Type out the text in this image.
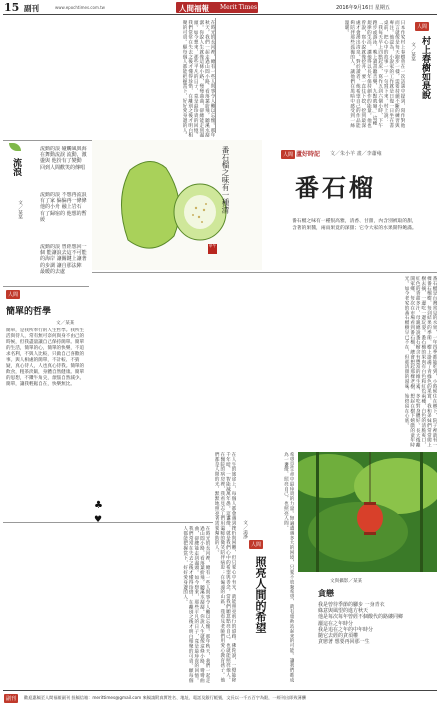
15 副刊	www.epochtimes.com.tw	人間福報 Merit Times	2016年9月16日 星期五
人間
村上春樹如是說
文／某某
日本作家村上春樹曾在一次訪談中提到，寫作對他而言就像是每天跑步一樣，需要持續不斷的練習與專注。他認為，小說家的工作就是日復一日坐在書桌前，把心中的故事一字一句寫下來。村上說：「我每天早上四點起床，寫作五到六個小時，下午跑步或游泳，晚上讀書聽音樂，九點就寢。」這種規律的生活，讓他得以長年保持創作的能量。他也曾說，寫小說就像挖井，要一直往下挖，挖到最深處才會湧出清泉。對於讀者，他希望自己的作品能夠陪伴那些孤獨的人，讓他們在黑暗中感受到一絲溫暖。
在時光的長河裡，總有一些人與事令人難以忘懷。那年秋天，我們一起走過山間小路，看落葉紛飛，聽溪水潺潺。你說人生就像這條小路，彎彎曲曲，卻總能走到盡頭。如今想來，那些平凡的日子，竟是最珍貴的回憶。我們常常在失去之後才懂得珍惜，在離別之後才明白相聚的可貴。願每個人都能把握當下，好好愛身邊的人。
流浪
文／某某
流動的浪 碰觸風與海在舞動流淚 流動，激盪與 他扮有了變動 回到人間歡笑的傳唱
流動的浪 不想再流浪 有了家 偏偏再一條條他的小舟 融上岩石 有了歸宿的 他想的暫緩
流動的浪 曾經想回一個 能讓浪去這不可能的海岸 讓關鍵上讓著的步調 讓自那法陣 最暖的去處
番石榴之味有一種清
甲午
人間 蘆好時記 文／朱小羊 畫／李蕭雍
番石榴
番石榴之味有一種很高雅，清香、甘甜，內含別被取的甜，含著的果醬，兩雨果竟的深甜；它令大家的水果開得飽滿。
番石榴是台灣常見的水果，一年四季都能吃到，小時候住在鄉下，院子裡就有一棵番石榴樹，每到結果的季節，樹上掛滿了青綠色的果實，我和弟妹們常常爬上樹去摘，一邊吃一邊玩耍。番石榴的果肉有白色和紅色兩種，白色的清脆爽口，紅色的香甜多汁，母親總說番石榴含有豐富的維生素，多吃對身體好。長大後離開家鄉，每次在市場看到番石榴，總會想起那棵老樹，想起在樹下嬉戲的童年時光。如今老家的番石榴樹早已不在，但那清甜的滋味，始終留在心底。
人間
簡單的哲學
文／某某
簡單，是我所奉行的人生哲學。我所生活與待人，常有無可奈何與身不由己的時候，但我盡量讓自己保持簡單。簡單的生活，簡單的心，簡單的快樂，不追求名利，不與人比較，只做自己喜歡的事。與人相處的簡單，不計較、不猜疑，真心待人，人也真心待我。簡單的飲食，粗茶淡飯，身體自然健康。簡單的思想，不鑽牛角尖，煩惱自然減少。簡單，讓我輕鬆自在，快樂無比。
♣
♥
在時光的長河裡，總有一些人與事令人難以忘懷。那年秋天，我們一起走過山間小路，看落葉紛飛，聽溪水潺潺。你說人生就像這條小路，彎彎曲曲，卻總能走到盡頭。如今想來，那些平凡的日子，竟是最珍貴的回憶。我們常常在失去之後才懂得珍惜，在離別之後才明白相聚的可貴。願每個人都能把握當下，好好愛身邊的人。	在人生的旅途上，每個人都會遇到挫折與困難，但只要心中有光，就能照亮前行的道路。佛陀說，一燈能除千年暗，一智能滅萬年愚。這盞燈，就是我們心中的希望與善念。當我們願意點亮自己，也就能照亮他人。在醫院的病房裡，我看見志工們用溫暖的微笑陪伴病患；在偏遠的山區，我看見老師們用愛心教育孩子。他們都是人間的光，默默地照亮著需要幫助的人。	人間
照亮人間的希望
文／湯淨	希望是生命中最珍貴的力量。無論遭遇多大的困境，只要不放棄希望，就有重新站起來的可能。讓我們都成為一盞燈，照亮自己，也照亮人間。
文與攝影／某某
貪戀
我是曾待季節的腳步 一身青衣
綠意與風望的進方秋天
他是每次每年曾經不個酸代的路縷同鄉
灑這在之年時分
我是追在之年的中年時分
隨它去經的貪須權
貪戀著 想要再回那一生
副刊	歡迎惠稿至人間福報副刊 投稿信箱：merittimes@gmail.com 來稿請附真實姓名、地址、電話及銀行帳號，文長以一千五百字為限，一經刊出即致薄酬
